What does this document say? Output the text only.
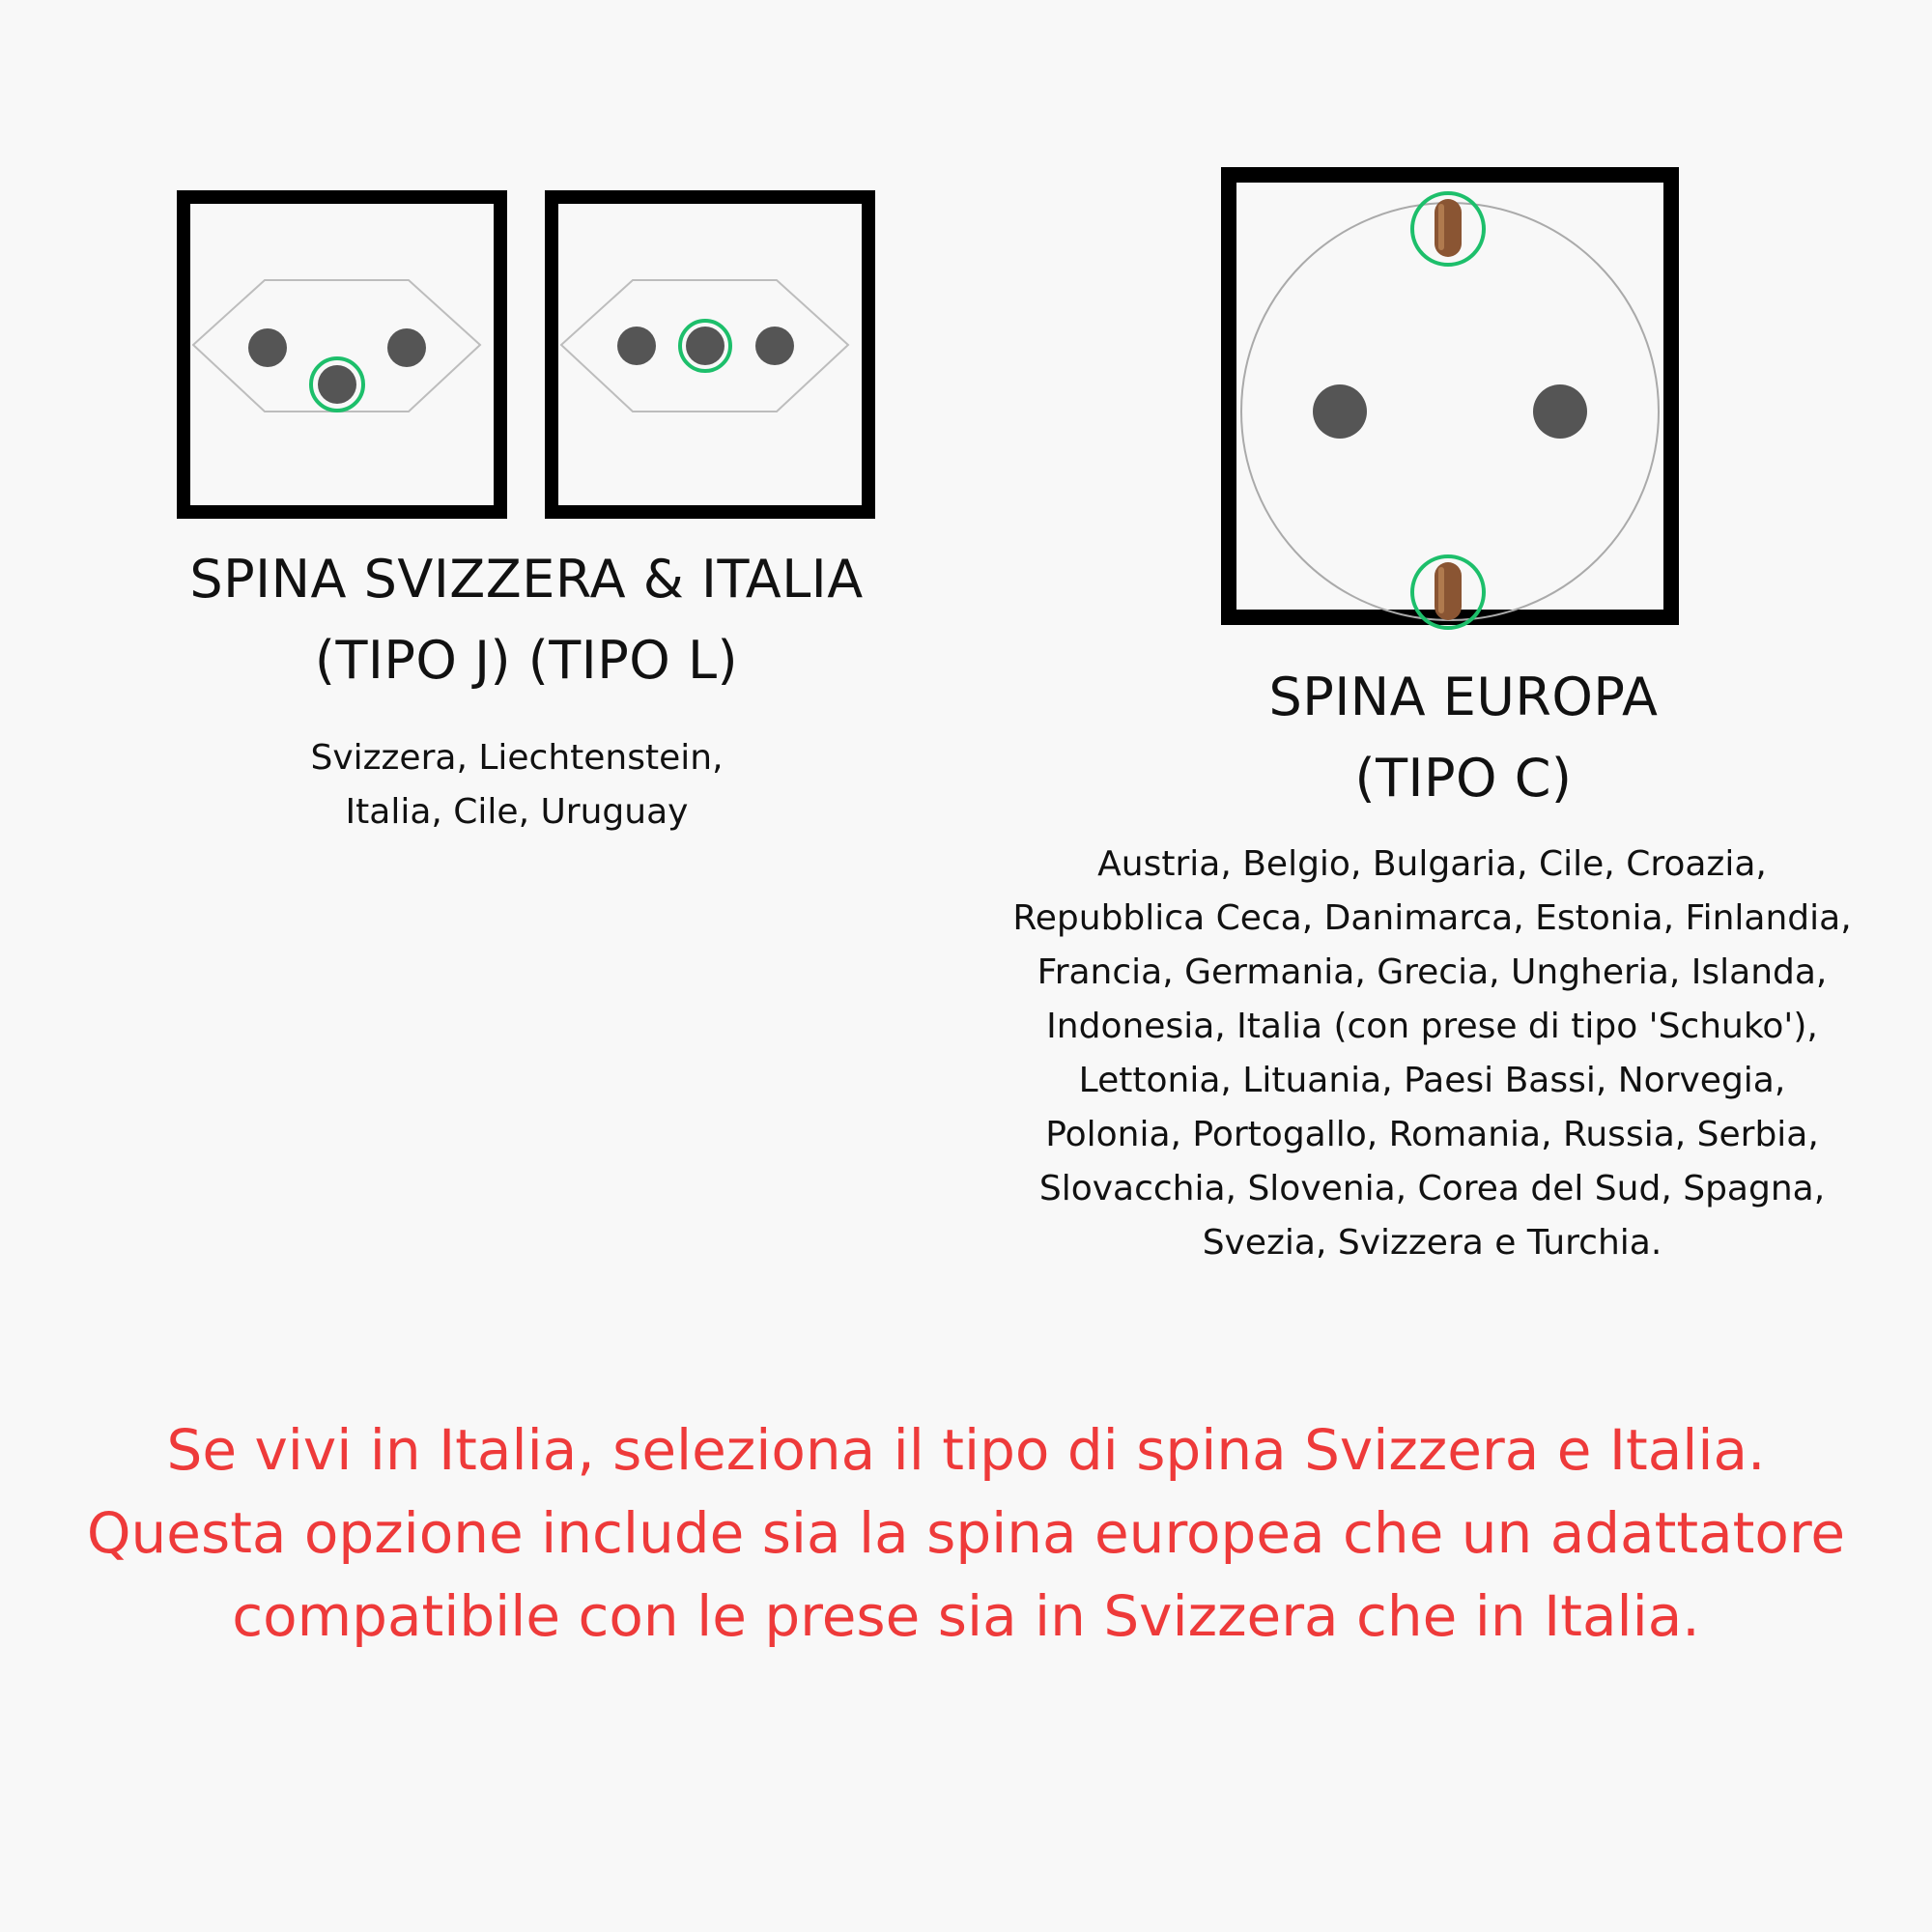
SPINA SVIZZERA & ITALIA
(TIPO J) (TIPO L)

Svizzera, Liechtenstein,
Italia, Cile, Uruguay

SPINA EUROPA
(TIPO C)

Austria, Belgio, Bulgaria, Cile, Croazia,
Repubblica Ceca, Danimarca, Estonia, Finlandia,
Francia, Germania, Grecia, Ungheria, Islanda,
Indonesia, Italia (con prese di tipo 'Schuko'),
Lettonia, Lituania, Paesi Bassi, Norvegia,
Polonia, Portogallo, Romania, Russia, Serbia,
Slovacchia, Slovenia, Corea del Sud, Spagna,
Svezia, Svizzera e Turchia.

Se vivi in Italia, seleziona il tipo di spina Svizzera e Italia.
Questa opzione include sia la spina europea che un adattatore
compatibile con le prese sia in Svizzera che in Italia.
